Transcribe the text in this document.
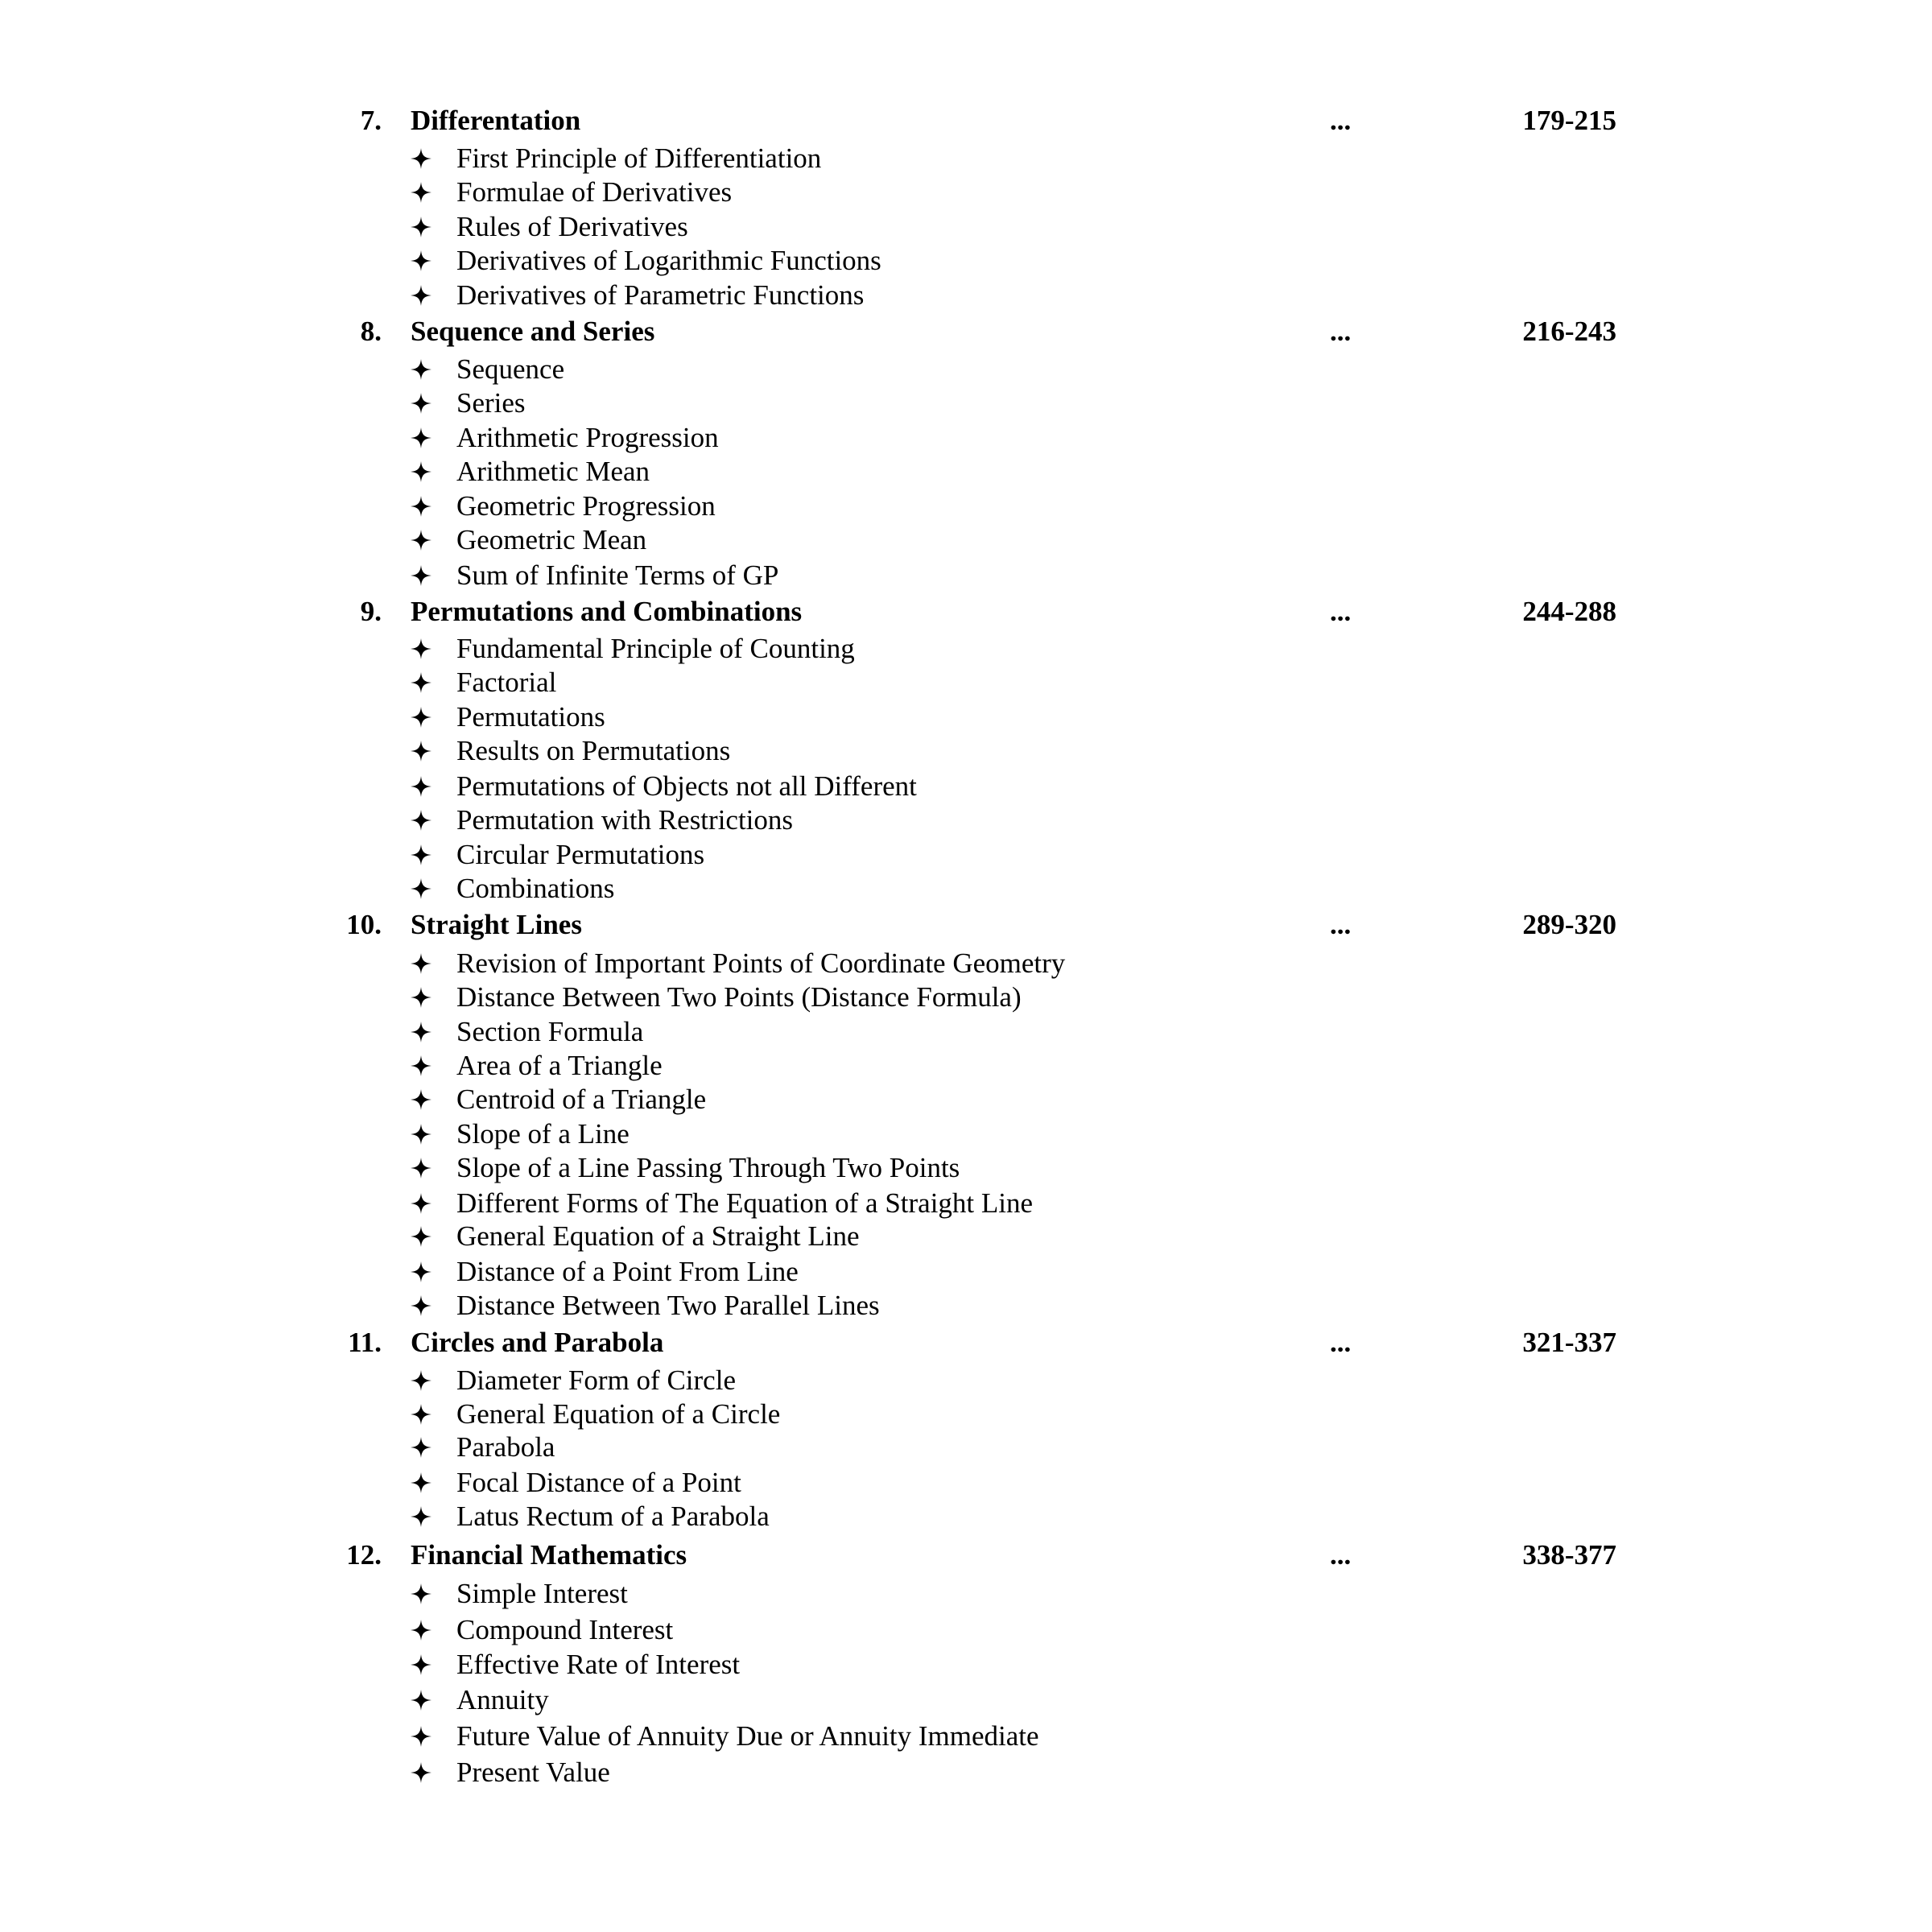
7. Differentation	...	179-215
First Principle of Differentiation
Formulae of Derivatives
Rules of Derivatives
Derivatives of Logarithmic Functions
Derivatives of Parametric Functions
8. Sequence and Series	...	216-243
Sequence
Series
Arithmetic Progression
Arithmetic Mean
Geometric Progression
Geometric Mean
Sum of Infinite Terms of GP
9. Permutations and Combinations	...	244-288
Fundamental Principle of Counting
Factorial
Permutations
Results on Permutations
Permutations of Objects not all Different
Permutation with Restrictions
Circular Permutations
Combinations
10. Straight Lines	...	289-320
Revision of Important Points of Coordinate Geometry
Distance Between Two Points (Distance Formula)
Section Formula
Area of a Triangle
Centroid of a Triangle
Slope of a Line
Slope of a Line Passing Through Two Points
Different Forms of The Equation of a Straight Line
General Equation of a Straight Line
Distance of a Point From Line
Distance Between Two Parallel Lines
11. Circles and Parabola	...	321-337
Diameter Form of Circle
General Equation of a Circle
Parabola
Focal Distance of a Point
Latus Rectum of a Parabola
12. Financial Mathematics	...	338-377
Simple Interest
Compound Interest
Effective Rate of Interest
Annuity
Future Value of Annuity Due or Annuity Immediate
Present Value
